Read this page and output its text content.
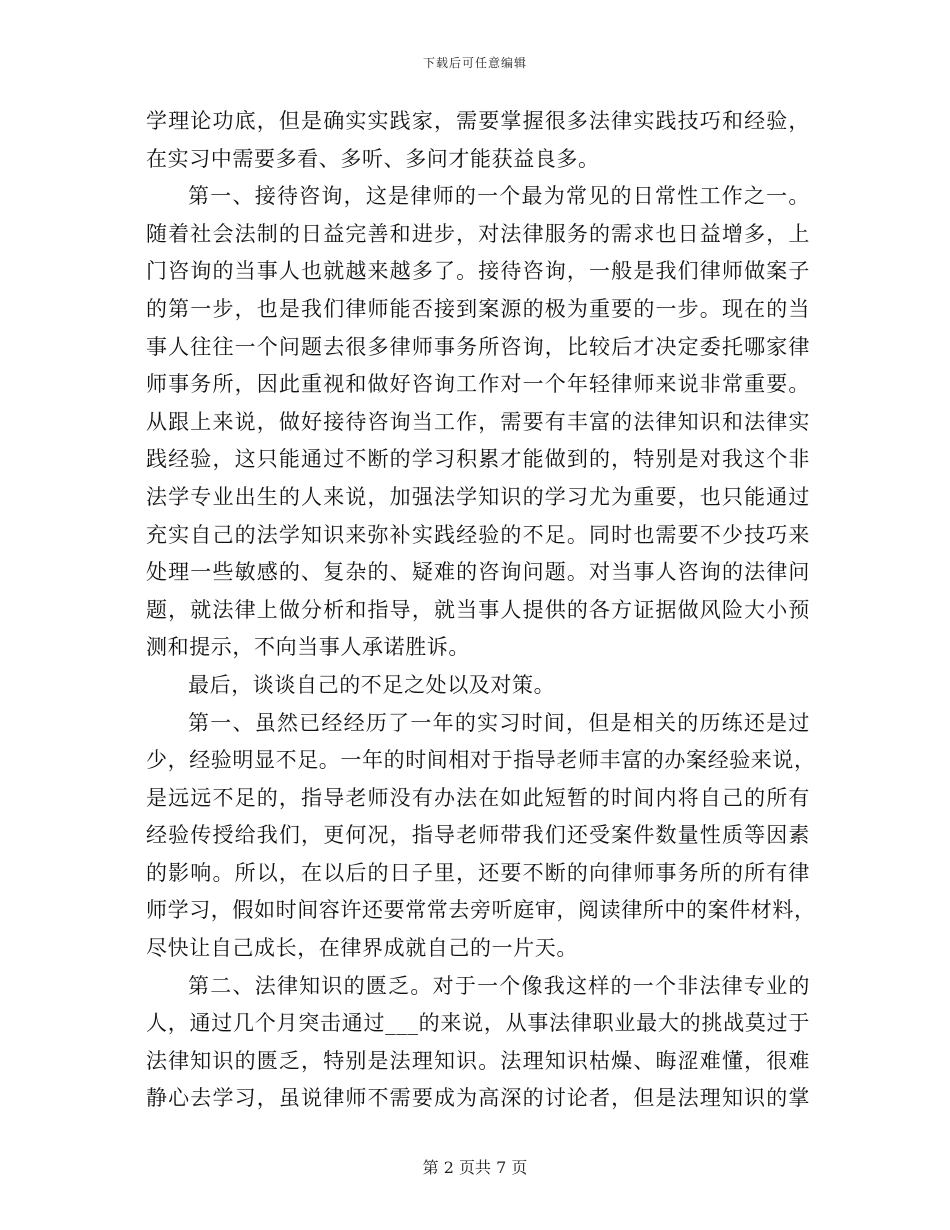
下载后可任意编辑
学理论功底，但是确实实践家，需要掌握很多法律实践技巧和经验，
在实习中需要多看、多听、多问才能获益良多。
第一、接待咨询，这是律师的一个最为常见的日常性工作之一。
随着社会法制的日益完善和进步，对法律服务的需求也日益增多，上
门咨询的当事人也就越来越多了。接待咨询，一般是我们律师做案子
的第一步，也是我们律师能否接到案源的极为重要的一步。现在的当
事人往往一个问题去很多律师事务所咨询，比较后才决定委托哪家律
师事务所，因此重视和做好咨询工作对一个年轻律师来说非常重要。
从跟上来说，做好接待咨询当工作，需要有丰富的法律知识和法律实
践经验，这只能通过不断的学习积累才能做到的，特别是对我这个非
法学专业出生的人来说，加强法学知识的学习尤为重要，也只能通过
充实自己的法学知识来弥补实践经验的不足。同时也需要不少技巧来
处理一些敏感的、复杂的、疑难的咨询问题。对当事人咨询的法律问
题，就法律上做分析和指导，就当事人提供的各方证据做风险大小预
测和提示，不向当事人承诺胜诉。
最后，谈谈自己的不足之处以及对策。
第一、虽然已经经历了一年的实习时间，但是相关的历练还是过
少，经验明显不足。一年的时间相对于指导老师丰富的办案经验来说，
是远远不足的，指导老师没有办法在如此短暂的时间内将自己的所有
经验传授给我们，更何况，指导老师带我们还受案件数量性质等因素
的影响。所以，在以后的日子里，还要不断的向律师事务所的所有律
师学习，假如时间容许还要常常去旁听庭审，阅读律所中的案件材料，
尽快让自己成长，在律界成就自己的一片天。
第二、法律知识的匮乏。对于一个像我这样的一个非法律专业的
人，通过几个月突击通过___的来说，从事法律职业最大的挑战莫过于
法律知识的匮乏，特别是法理知识。法理知识枯燥、晦涩难懂，很难
静心去学习，虽说律师不需要成为高深的讨论者，但是法理知识的掌
第 2 页共 7 页
